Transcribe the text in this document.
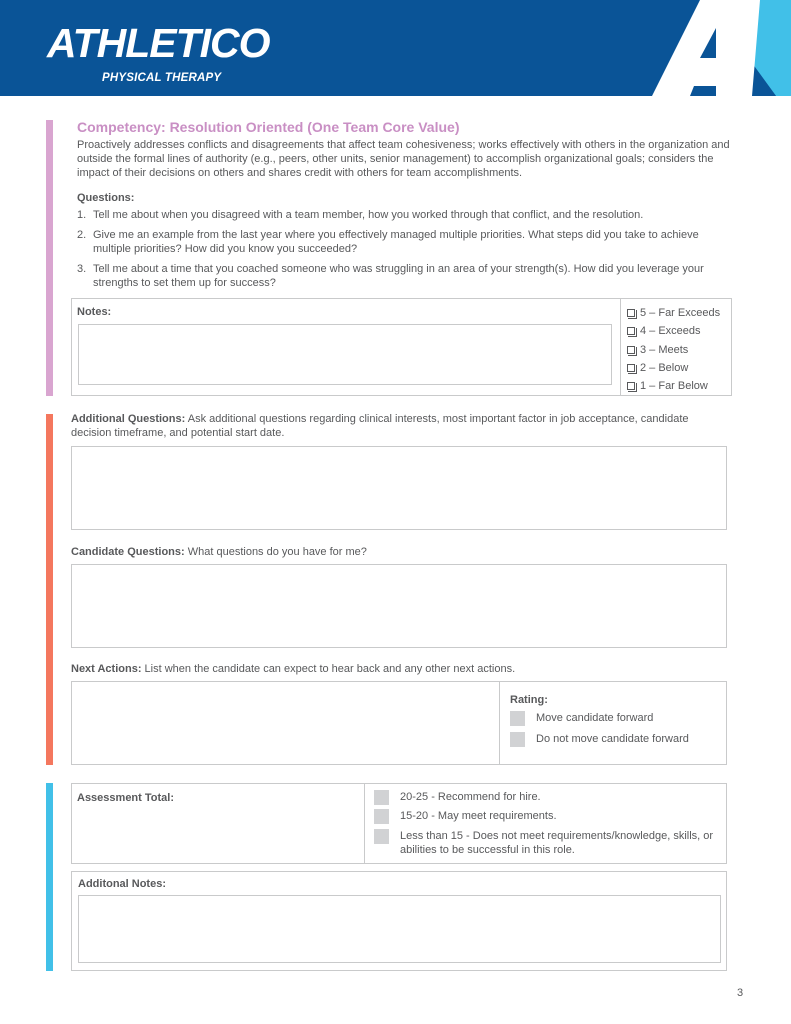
ATHLETICO
PHYSICAL THERAPY
Competency: Resolution Oriented (One Team Core Value)
Proactively addresses conflicts and disagreements that affect team cohesiveness; works effectively with others in the organization and outside the formal lines of authority (e.g., peers, other units, senior management) to accomplish organizational goals; considers the impact of their decisions on others and shares credit with others for team accomplishments.
Questions:
1. Tell me about when you disagreed with a team member, how you worked through that conflict, and the resolution.
2. Give me an example from the last year where you effectively managed multiple priorities. What steps did you take to achieve multiple priorities? How did you know you succeeded?
3. Tell me about a time that you coached someone who was struggling in an area of your strength(s). How did you leverage your strengths to set them up for success?
Notes:	5 – Far Exceeds
4 – Exceeds
3 – Meets
2 – Below
1 – Far Below
Additional Questions: Ask additional questions regarding clinical interests, most important factor in job acceptance, candidate decision timeframe, and potential start date.
Candidate Questions: What questions do you have for me?
Next Actions: List when the candidate can expect to hear back and any other next actions.
Rating:
Move candidate forward
Do not move candidate forward
Assessment Total:	20-25 - Recommend for hire.
15-20 - May meet requirements.
Less than 15 - Does not meet requirements/knowledge, skills, or abilities to be successful in this role.
Additonal Notes:
3
